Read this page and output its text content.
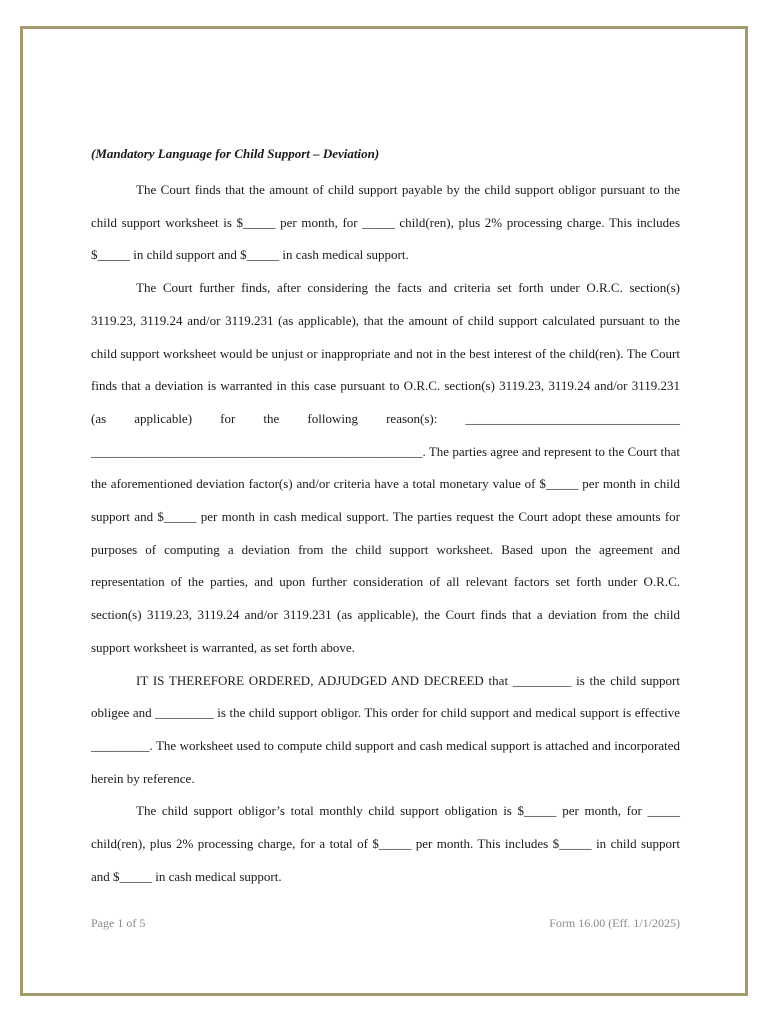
(Mandatory Language for Child Support – Deviation)

The Court finds that the amount of child support payable by the child support obligor pursuant to the child support worksheet is $_____ per month, for _____ child(ren), plus 2% processing charge. This includes $_____ in child support and $_____ in cash medical support.

The Court further finds, after considering the facts and criteria set forth under O.R.C. section(s) 3119.23, 3119.24 and/or 3119.231 (as applicable), that the amount of child support calculated pursuant to the child support worksheet would be unjust or inappropriate and not in the best interest of the child(ren). The Court finds that a deviation is warranted in this case pursuant to O.R.C. section(s) 3119.23, 3119.24 and/or 3119.231 (as applicable) for the following reason(s): _________________________________ ___________________________________________________. The parties agree and represent to the Court that the aforementioned deviation factor(s) and/or criteria have a total monetary value of $_____ per month in child support and $_____ per month in cash medical support. The parties request the Court adopt these amounts for purposes of computing a deviation from the child support worksheet. Based upon the agreement and representation of the parties, and upon further consideration of all relevant factors set forth under O.R.C. section(s) 3119.23, 3119.24 and/or 3119.231 (as applicable), the Court finds that a deviation from the child support worksheet is warranted, as set forth above.

IT IS THEREFORE ORDERED, ADJUDGED AND DECREED that _________ is the child support obligee and _________ is the child support obligor. This order for child support and medical support is effective _________. The worksheet used to compute child support and cash medical support is attached and incorporated herein by reference.

The child support obligor’s total monthly child support obligation is $_____ per month, for _____ child(ren), plus 2% processing charge, for a total of $_____ per month. This includes $_____ in child support and $_____ in cash medical support.

Page 1 of 5	Form 16.00 (Eff. 1/1/2025)
